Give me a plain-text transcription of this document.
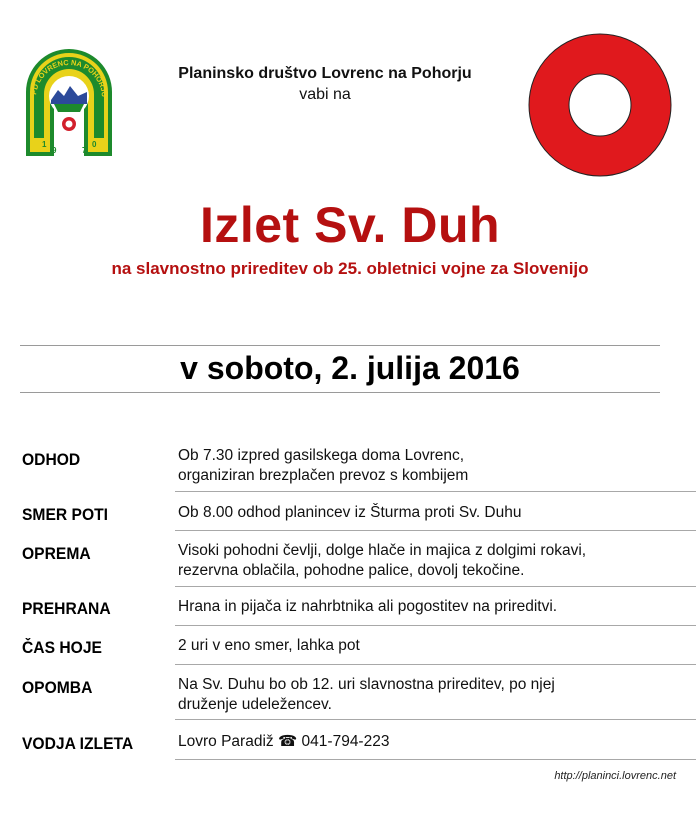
PD LOVRENC NA POHORJU
1
9	7
0
Planinsko društvo Lovrenc na Pohorju
vabi na
Izlet Sv. Duh
na slavnostno prireditev ob 25. obletnici vojne za Slovenijo
v soboto, 2. julija 2016
ODHOD	Ob 7.30 izpred gasilskega doma Lovrenc,
organiziran brezplačen prevoz s kombijem
SMER POTI	Ob 8.00 odhod planincev iz Šturma proti Sv. Duhu
OPREMA	Visoki pohodni čevlji, dolge hlače in majica z dolgimi rokavi,
rezervna oblačila, pohodne palice, dovolj tekočine.
PREHRANA	Hrana in pijača iz nahrbtnika ali pogostitev na prireditvi.
ČAS HOJE	2 uri v eno smer, lahka pot
OPOMBA	Na Sv. Duhu bo ob 12. uri slavnostna prireditev, po njej
druženje udeležencev.
VODJA IZLETA	Lovro Paradiž ☎ 041-794-223
http://planinci.lovrenc.net
